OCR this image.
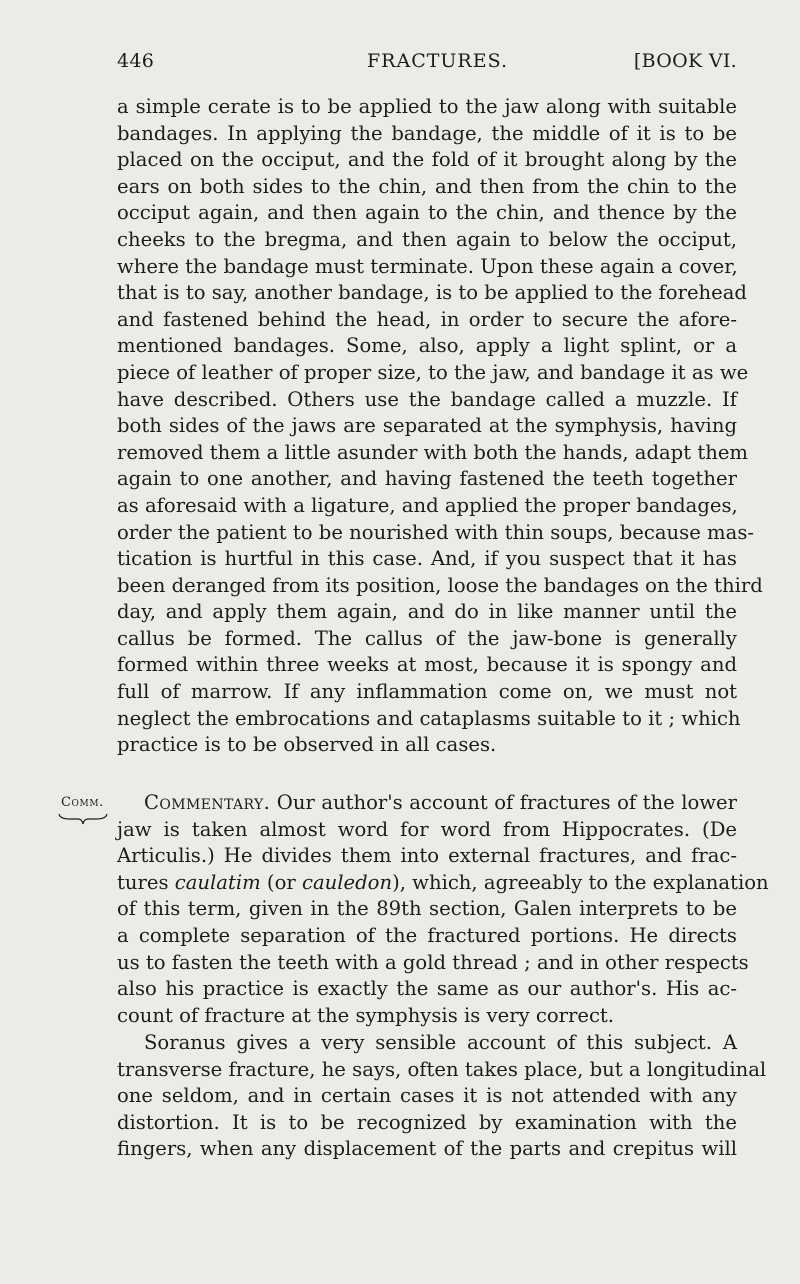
446	FRACTURES.	[BOOK VI.
a simple cerate is to be applied to the jaw along with suitable
bandages. In applying the bandage, the middle of it is to be
placed on the occiput, and the fold of it brought along by the
ears on both sides to the chin, and then from the chin to the
occiput again, and then again to the chin, and thence by the
cheeks to the bregma, and then again to below the occiput,
where the bandage must terminate. Upon these again a cover,
that is to say, another bandage, is to be applied to the forehead
and fastened behind the head, in order to secure the afore-
mentioned bandages. Some, also, apply a light splint, or a
piece of leather of proper size, to the jaw, and bandage it as we
have described. Others use the bandage called a muzzle. If
both sides of the jaws are separated at the symphysis, having
removed them a little asunder with both the hands, adapt them
again to one another, and having fastened the teeth together
as aforesaid with a ligature, and applied the proper bandages,
order the patient to be nourished with thin soups, because mas-
tication is hurtful in this case. And, if you suspect that it has
been deranged from its position, loose the bandages on the third
day, and apply them again, and do in like manner until the
callus be formed. The callus of the jaw-bone is generally
formed within three weeks at most, because it is spongy and
full of marrow. If any inflammation come on, we must not
neglect the embrocations and cataplasms suitable to it ; which
practice is to be observed in all cases.
Comm.	Commentary. Our author's account of fractures of the lower
jaw is taken almost word for word from Hippocrates. (De
Articulis.) He divides them into external fractures, and frac-
tures caulatim (or cauledon), which, agreeably to the explanation
of this term, given in the 89th section, Galen interprets to be
a complete separation of the fractured portions. He directs
us to fasten the teeth with a gold thread ; and in other respects
also his practice is exactly the same as our author's. His ac-
count of fracture at the symphysis is very correct.
Soranus gives a very sensible account of this subject. A
transverse fracture, he says, often takes place, but a longitudinal
one seldom, and in certain cases it is not attended with any
distortion. It is to be recognized by examination with the
fingers, when any displacement of the parts and crepitus will
